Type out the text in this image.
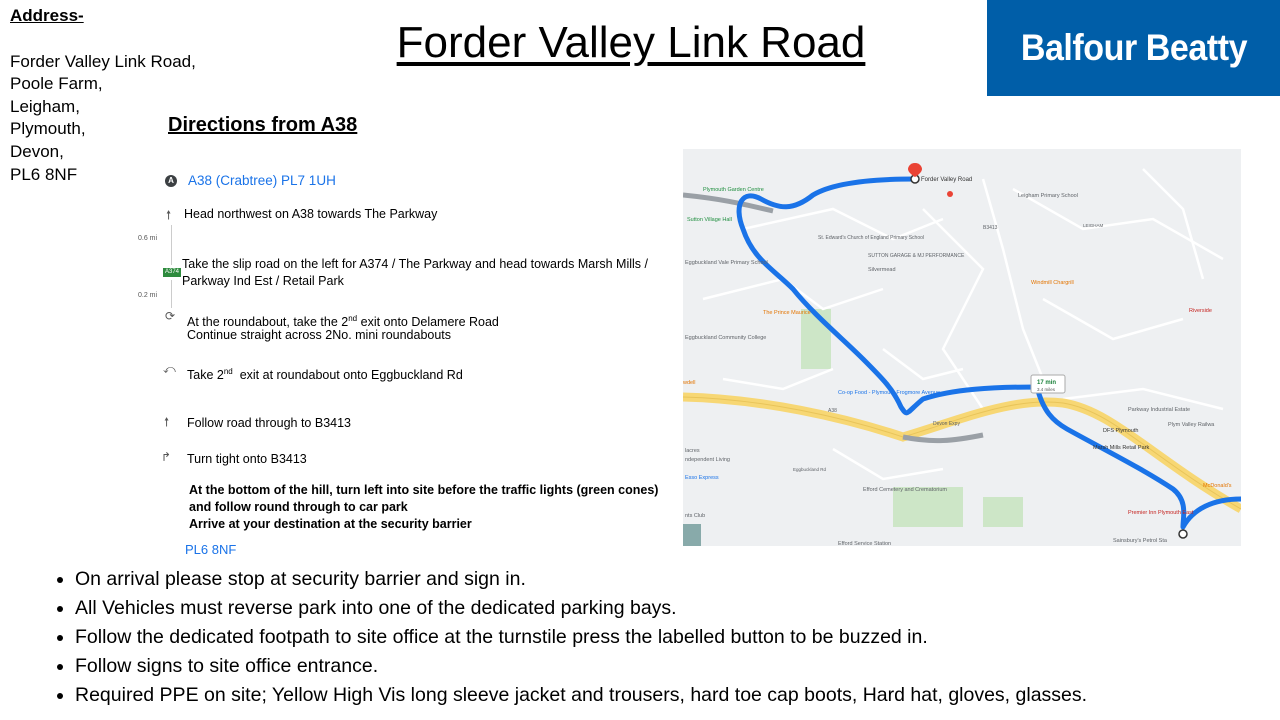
Address-
Forder Valley Link Road,
Poole Farm,
Leigham,
Plymouth,
Devon,
PL6 8NF
Forder Valley Link Road	Balfour Beatty
Directions from A38
A A38 (Crabtree) PL7 1UH
🠕 Head northwest on A38 towards The Parkway
0.6 mi
A374
Take the slip road on the left for A374 / The Parkway and head towards Marsh Mills / Parkway Ind Est / Retail Park
0.2 mi
⟳ At the roundabout, take the 2nd exit onto Delamere Road
Continue straight across 2No. mini roundabouts
⤺ Take 2nd  exit at roundabout onto Eggbuckland Rd
🠕 Follow road through to B3413
↱ Turn tight onto B3413
At the bottom of the hill, turn left into site before the traffic lights (green cones) and follow round through to car park
Arrive at your destination at the security barrier
PL6 8NF
17 min
3.4 miles
Forder Valley Road
Plymouth Garden Centre
Sutton Village Hall
Leigham Primary School
LEIGHAM
St. Edward's Church of England Primary School
SUTTON GARAGE & MJ PERFORMANCE
Silvermead
Windmill Chargrill
Riverside
The Prince Maurice
Eggbuckland Community College
Eggbuckland Vale Primary School
Co-op Food - Plymouth Frogmore Avenue
Marsh Mills Retail Park
DFS Plymouth
Parkway Industrial Estate
Plym Valley Railwa
Premier Inn Plymouth East
McDonald's
Efford Cemetery and Crematorium
Devon Expy
Sainsbury's Petrol Sta
Efford Service Station
B3413
A38
Eggbuckland Rd
ndependent Living
Esso Express
wdell
nts Club
lacres
• On arrival please stop at security barrier and sign in.
• All Vehicles must reverse park into one of the dedicated parking bays.
• Follow the dedicated footpath to site office at the turnstile press the labelled button to be buzzed in.
• Follow signs to site office entrance.
• Required PPE on site; Yellow High Vis long sleeve jacket and trousers, hard toe cap boots, Hard hat, gloves, glasses.
